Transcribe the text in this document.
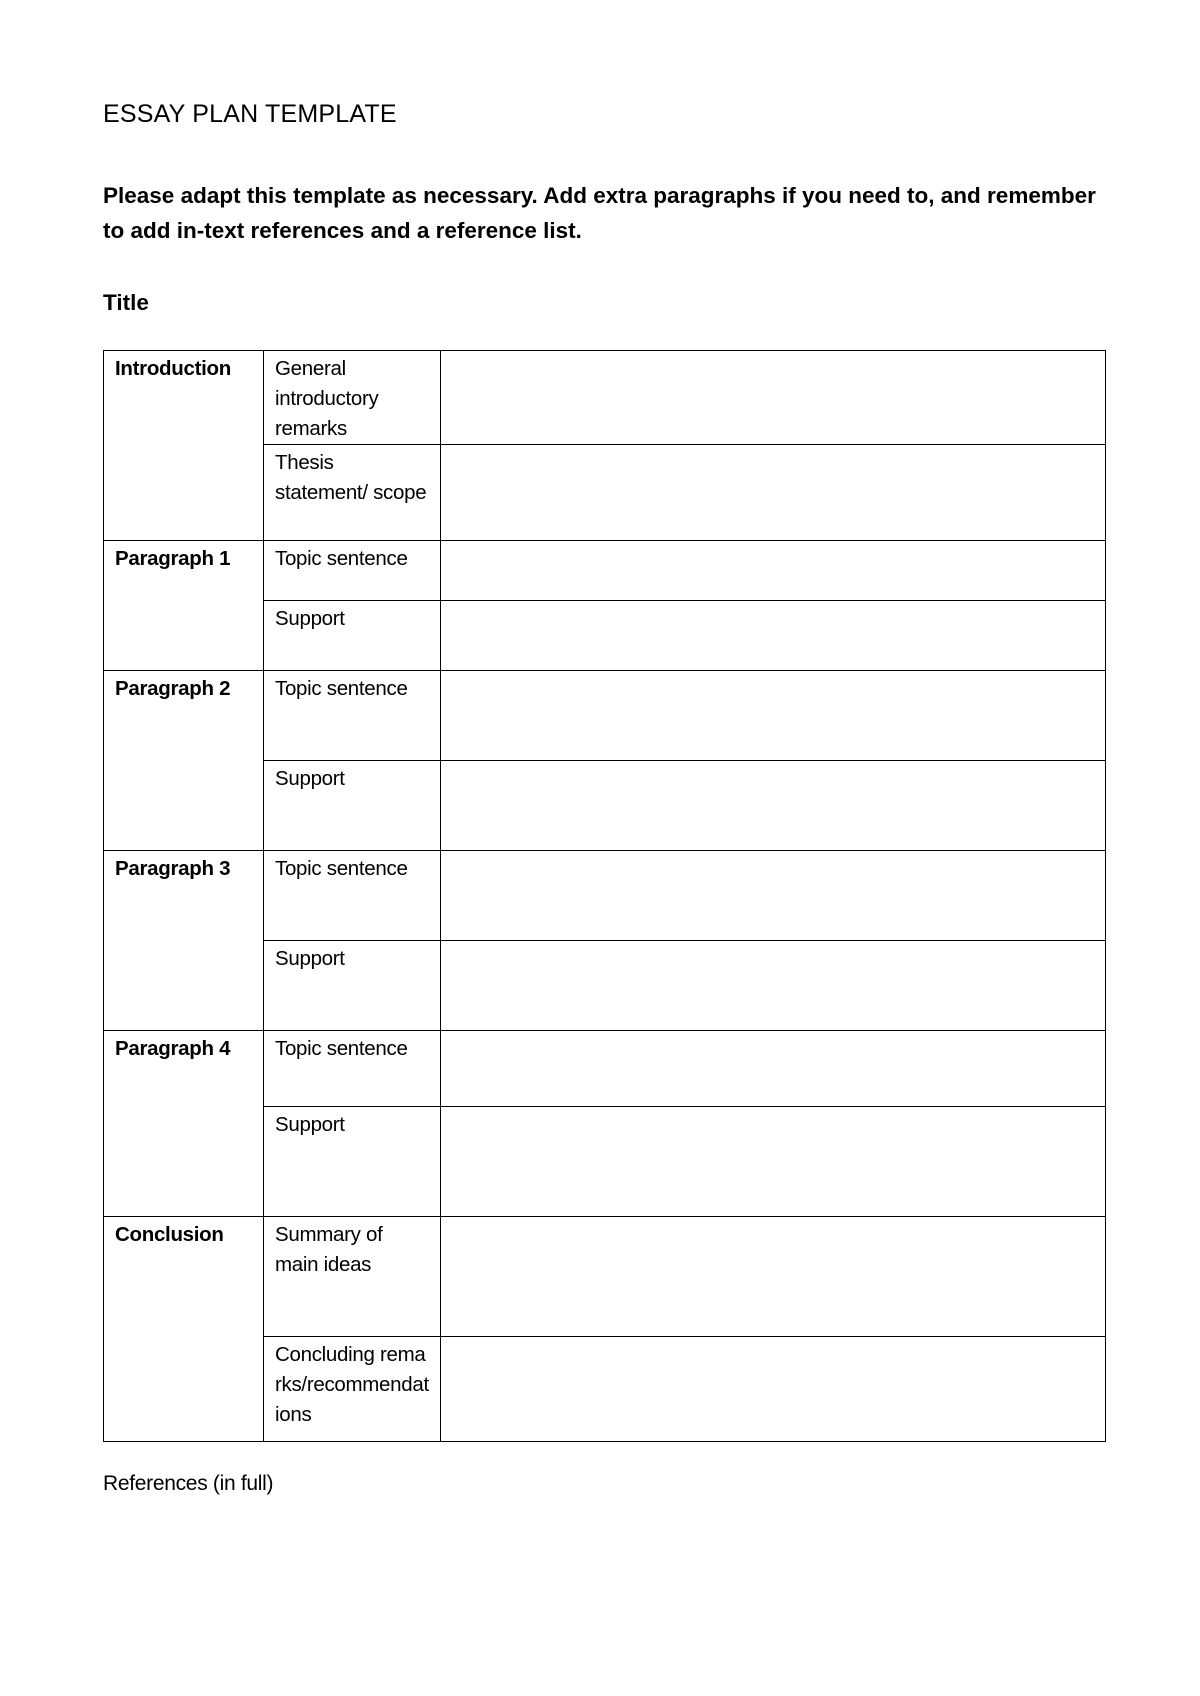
ESSAY PLAN TEMPLATE

Please adapt this template as necessary. Add extra paragraphs if you need to, and remember to add in-text references and a reference list.

Title

Introduction	General introductory remarks	
	Thesis statement/ scope	
Paragraph 1	Topic sentence	
	Support	
Paragraph 2	Topic sentence	
	Support	
Paragraph 3	Topic sentence	
	Support	
Paragraph 4	Topic sentence	
	Support	
Conclusion	Summary of main ideas	
	Concluding remarks/recommendations	

References (in full)
